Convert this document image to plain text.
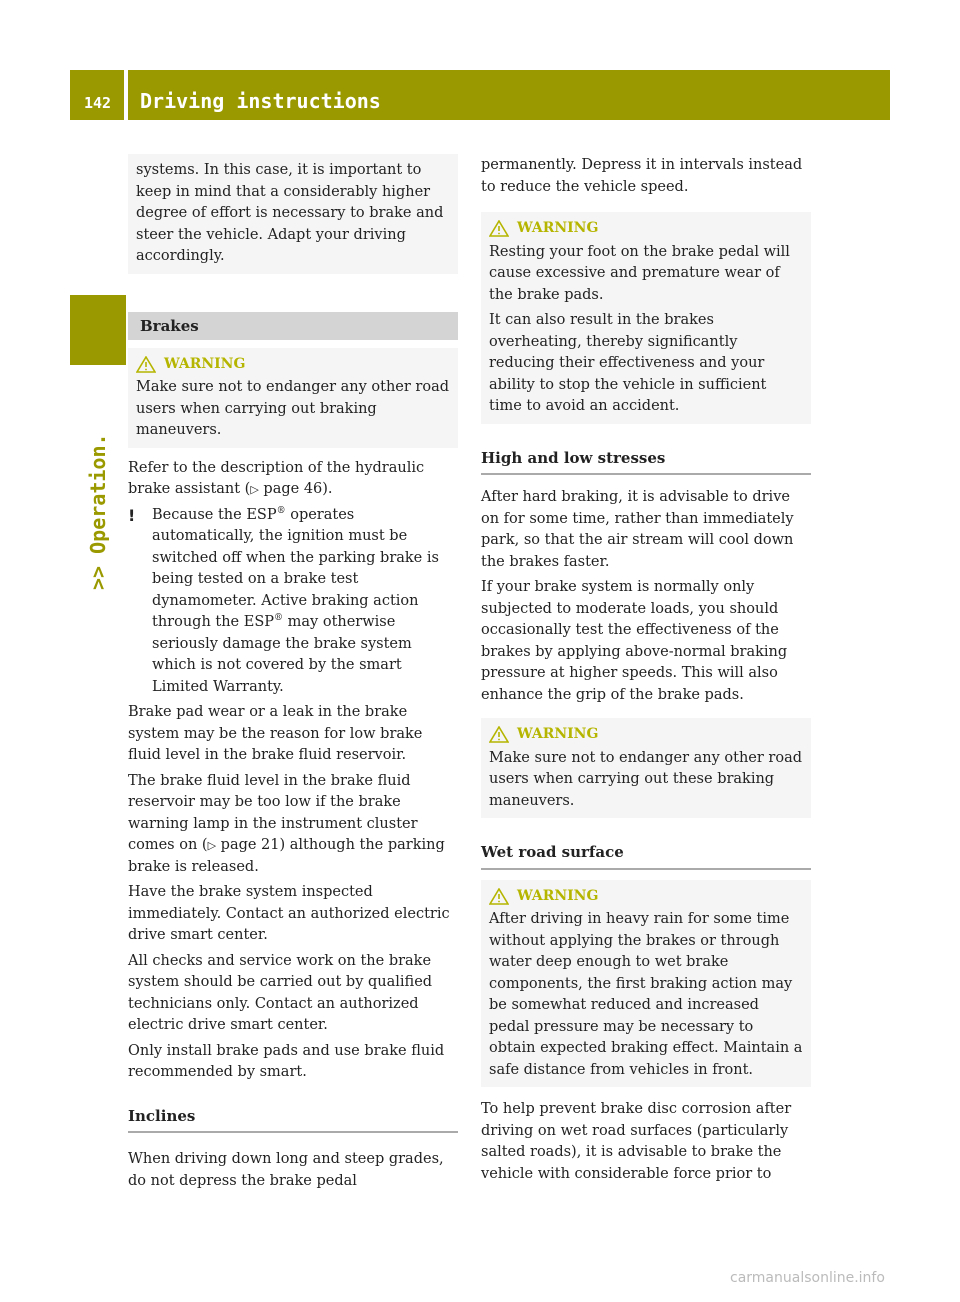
142 Driving instructions
>> Operation.

systems. In this case, it is important to keep in mind that a considerably higher degree of effort is necessary to brake and steer the vehicle. Adapt your driving accordingly.

Brakes
WARNING

Make sure not to endanger any other road users when carrying out braking maneuvers.

Refer to the description of the hydraulic brake assistant (▷ page 46).

!	Because the ESP® operates automatically, the ignition must be switched off when the parking brake is being tested on a brake test dynamometer. Active braking action through the ESP® may otherwise seriously damage the brake system which is not covered by the smart Limited Warranty.

Brake pad wear or a leak in the brake system may be the reason for low brake fluid level in the brake fluid reservoir.

The brake fluid level in the brake fluid reservoir may be too low if the brake warning lamp in the instrument cluster comes on (▷ page 21) although the parking brake is released.

Have the brake system inspected immediately. Contact an authorized electric drive smart center.

All checks and service work on the brake system should be carried out by qualified technicians only. Contact an authorized electric drive smart center.

Only install brake pads and use brake fluid recommended by smart.

Inclines

When driving down long and steep grades, do not depress the brake pedal

permanently. Depress it in intervals instead to reduce the vehicle speed.

WARNING

Resting your foot on the brake pedal will cause excessive and premature wear of the brake pads.

It can also result in the brakes overheating, thereby significantly reducing their effectiveness and your ability to stop the vehicle in sufficient time to avoid an accident.

High and low stresses

After hard braking, it is advisable to drive on for some time, rather than immediately park, so that the air stream will cool down the brakes faster.

If your brake system is normally only subjected to moderate loads, you should occasionally test the effectiveness of the brakes by applying above-normal braking pressure at higher speeds. This will also enhance the grip of the brake pads.

WARNING

Make sure not to endanger any other road users when carrying out these braking maneuvers.

Wet road surface

WARNING

After driving in heavy rain for some time without applying the brakes or through water deep enough to wet brake components, the first braking action may be somewhat reduced and increased pedal pressure may be necessary to obtain expected braking effect. Maintain a safe distance from vehicles in front.

To help prevent brake disc corrosion after driving on wet road surfaces (particularly salted roads), it is advisable to brake the vehicle with considerable force prior to

carmanualsonline.info
